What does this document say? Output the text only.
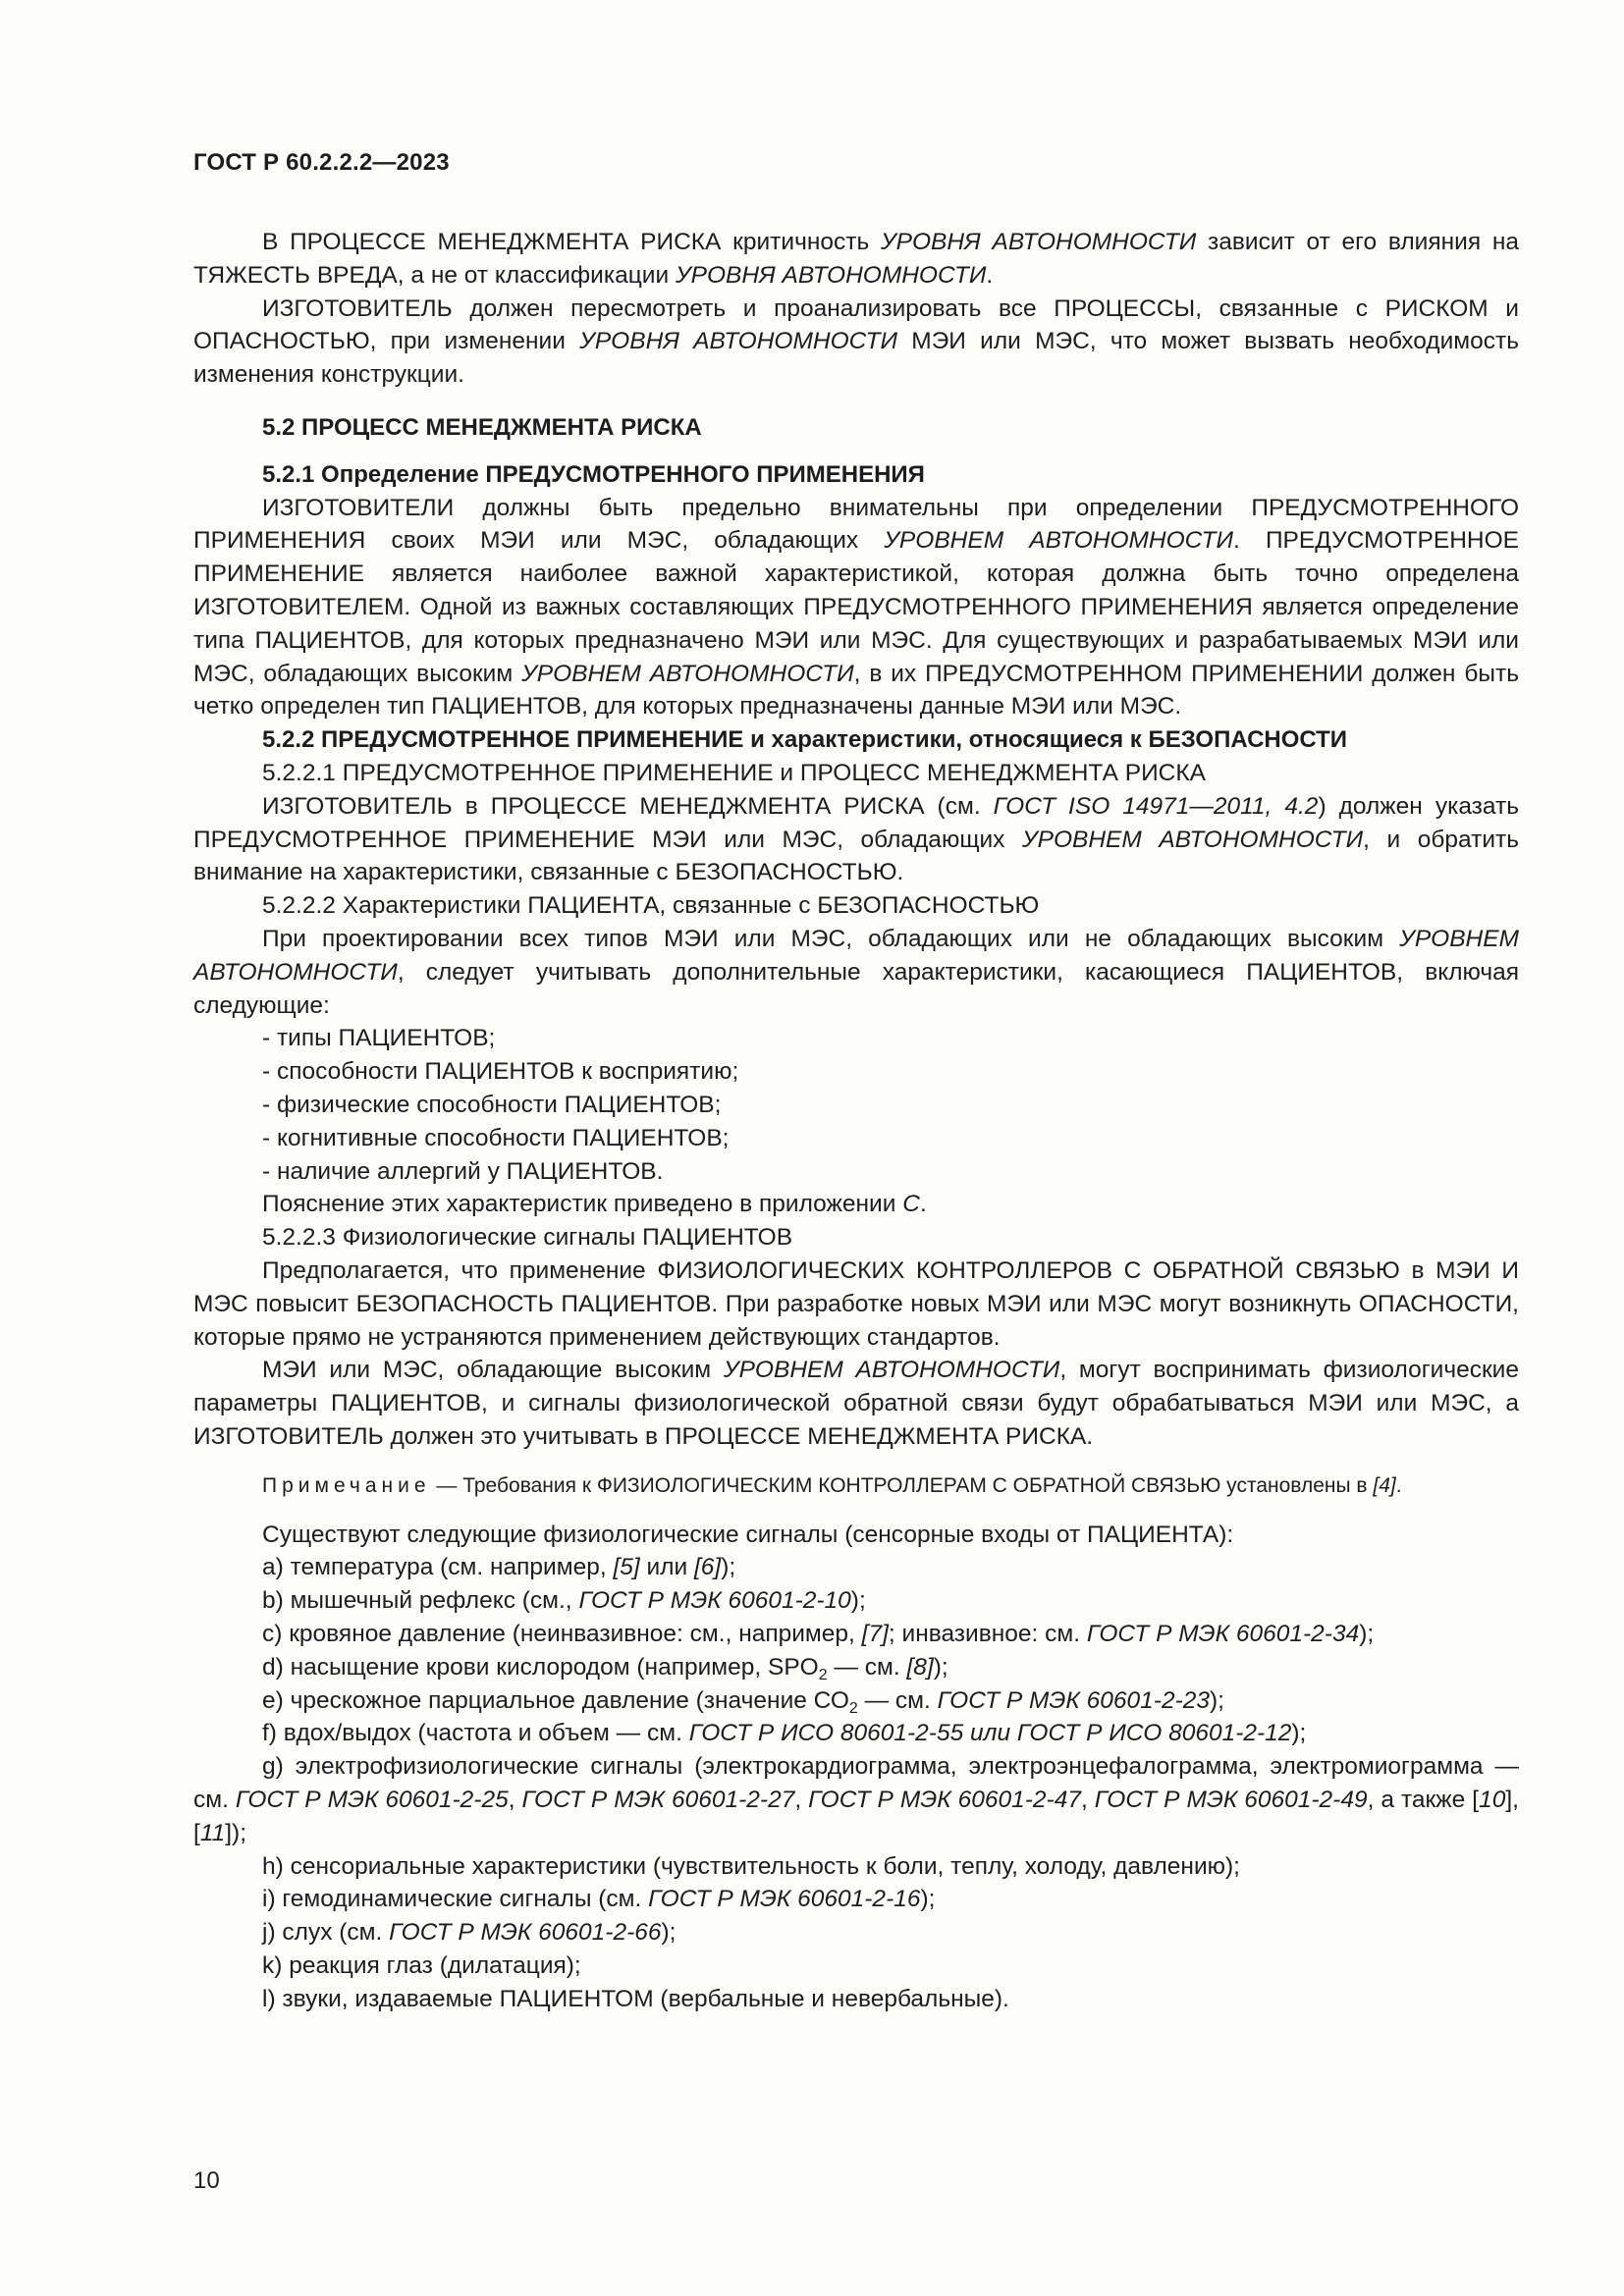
ГОСТ Р 60.2.2.2—2023

В ПРОЦЕССЕ МЕНЕДЖМЕНТА РИСКА критичность УРОВНЯ АВТОНОМНОСТИ зависит от его влияния на ТЯЖЕСТЬ ВРЕДА, а не от классификации УРОВНЯ АВТОНОМНОСТИ.

ИЗГОТОВИТЕЛЬ должен пересмотреть и проанализировать все ПРОЦЕССЫ, связанные с РИСКОМ и ОПАСНОСТЬЮ, при изменении УРОВНЯ АВТОНОМНОСТИ МЭИ или МЭС, что может вызвать необходимость изменения конструкции.

5.2 ПРОЦЕСС МЕНЕДЖМЕНТА РИСКА

5.2.1 Определение ПРЕДУСМОТРЕННОГО ПРИМЕНЕНИЯ

ИЗГОТОВИТЕЛИ должны быть предельно внимательны при определении ПРЕДУСМОТРЕННОГО ПРИМЕНЕНИЯ своих МЭИ или МЭС, обладающих УРОВНЕМ АВТОНОМНОСТИ. ПРЕДУСМОТРЕННОЕ ПРИМЕНЕНИЕ является наиболее важной характеристикой, которая должна быть точно определена ИЗГОТОВИТЕЛЕМ. Одной из важных составляющих ПРЕДУСМОТРЕННОГО ПРИМЕНЕНИЯ является определение типа ПАЦИЕНТОВ, для которых предназначено МЭИ или МЭС. Для существующих и разрабатываемых МЭИ или МЭС, обладающих высоким УРОВНЕМ АВТОНОМНОСТИ, в их ПРЕДУСМОТРЕННОМ ПРИМЕНЕНИИ должен быть четко определен тип ПАЦИЕНТОВ, для которых предназначены данные МЭИ или МЭС.

5.2.2 ПРЕДУСМОТРЕННОЕ ПРИМЕНЕНИЕ и характеристики, относящиеся к БЕЗОПАСНОСТИ

5.2.2.1 ПРЕДУСМОТРЕННОЕ ПРИМЕНЕНИЕ и ПРОЦЕСС МЕНЕДЖМЕНТА РИСКА

ИЗГОТОВИТЕЛЬ в ПРОЦЕССЕ МЕНЕДЖМЕНТА РИСКА (см. ГОСТ ISO 14971—2011, 4.2) должен указать ПРЕДУСМОТРЕННОЕ ПРИМЕНЕНИЕ МЭИ или МЭС, обладающих УРОВНЕМ АВТОНОМНОСТИ, и обратить внимание на характеристики, связанные с БЕЗОПАСНОСТЬЮ.

5.2.2.2 Характеристики ПАЦИЕНТА, связанные с БЕЗОПАСНОСТЬЮ

При проектировании всех типов МЭИ или МЭС, обладающих или не обладающих высоким УРОВНЕМ АВТОНОМНОСТИ, следует учитывать дополнительные характеристики, касающиеся ПАЦИЕНТОВ, включая следующие:

- типы ПАЦИЕНТОВ;

- способности ПАЦИЕНТОВ к восприятию;

- физические способности ПАЦИЕНТОВ;

- когнитивные способности ПАЦИЕНТОВ;

- наличие аллергий у ПАЦИЕНТОВ.

Пояснение этих характеристик приведено в приложении С.

5.2.2.3 Физиологические сигналы ПАЦИЕНТОВ

Предполагается, что применение ФИЗИОЛОГИЧЕСКИХ КОНТРОЛЛЕРОВ С ОБРАТНОЙ СВЯЗЬЮ в МЭИ И МЭС повысит БЕЗОПАСНОСТЬ ПАЦИЕНТОВ. При разработке новых МЭИ или МЭС могут возникнуть ОПАСНОСТИ, которые прямо не устраняются применением действующих стандартов.

МЭИ или МЭС, обладающие высоким УРОВНЕМ АВТОНОМНОСТИ, могут воспринимать физиологические параметры ПАЦИЕНТОВ, и сигналы физиологической обратной связи будут обрабатываться МЭИ или МЭС, а ИЗГОТОВИТЕЛЬ должен это учитывать в ПРОЦЕССЕ МЕНЕДЖМЕНТА РИСКА.

Примечание — Требования к ФИЗИОЛОГИЧЕСКИМ КОНТРОЛЛЕРАМ С ОБРАТНОЙ СВЯЗЬЮ установлены в [4].

Существуют следующие физиологические сигналы (сенсорные входы от ПАЦИЕНТА):

а) температура (см. например, [5] или [6]);

b) мышечный рефлекс (см., ГОСТ Р МЭК 60601-2-10);

с) кровяное давление (неинвазивное: см., например, [7]; инвазивное: см. ГОСТ Р МЭК 60601-2-34);

d) насыщение крови кислородом (например, $SPO_2$ — см. [8]);

е) чрескожное парциальное давление (значение $СО_2$ — см. ГОСТ Р МЭК 60601-2-23);

f) вдох/выдох (частота и объем — см. ГОСТ Р ИСО 80601-2-55 или ГОСТ Р ИСО 80601-2-12);

g) электрофизиологические сигналы (электрокардиограмма, электроэнцефалограмма, электромиограмма — см. ГОСТ Р МЭК 60601-2-25, ГОСТ Р МЭК 60601-2-27, ГОСТ Р МЭК 60601-2-47, ГОСТ Р МЭК 60601-2-49, а также [10], [11]);

h) сенсориальные характеристики (чувствительность к боли, теплу, холоду, давлению);

i) гемодинамические сигналы (см. ГОСТ Р МЭК 60601-2-16);

j) слух (см. ГОСТ Р МЭК 60601-2-66);

k) реакция глаз (дилатация);

l) звуки, издаваемые ПАЦИЕНТОМ (вербальные и невербальные).

10
